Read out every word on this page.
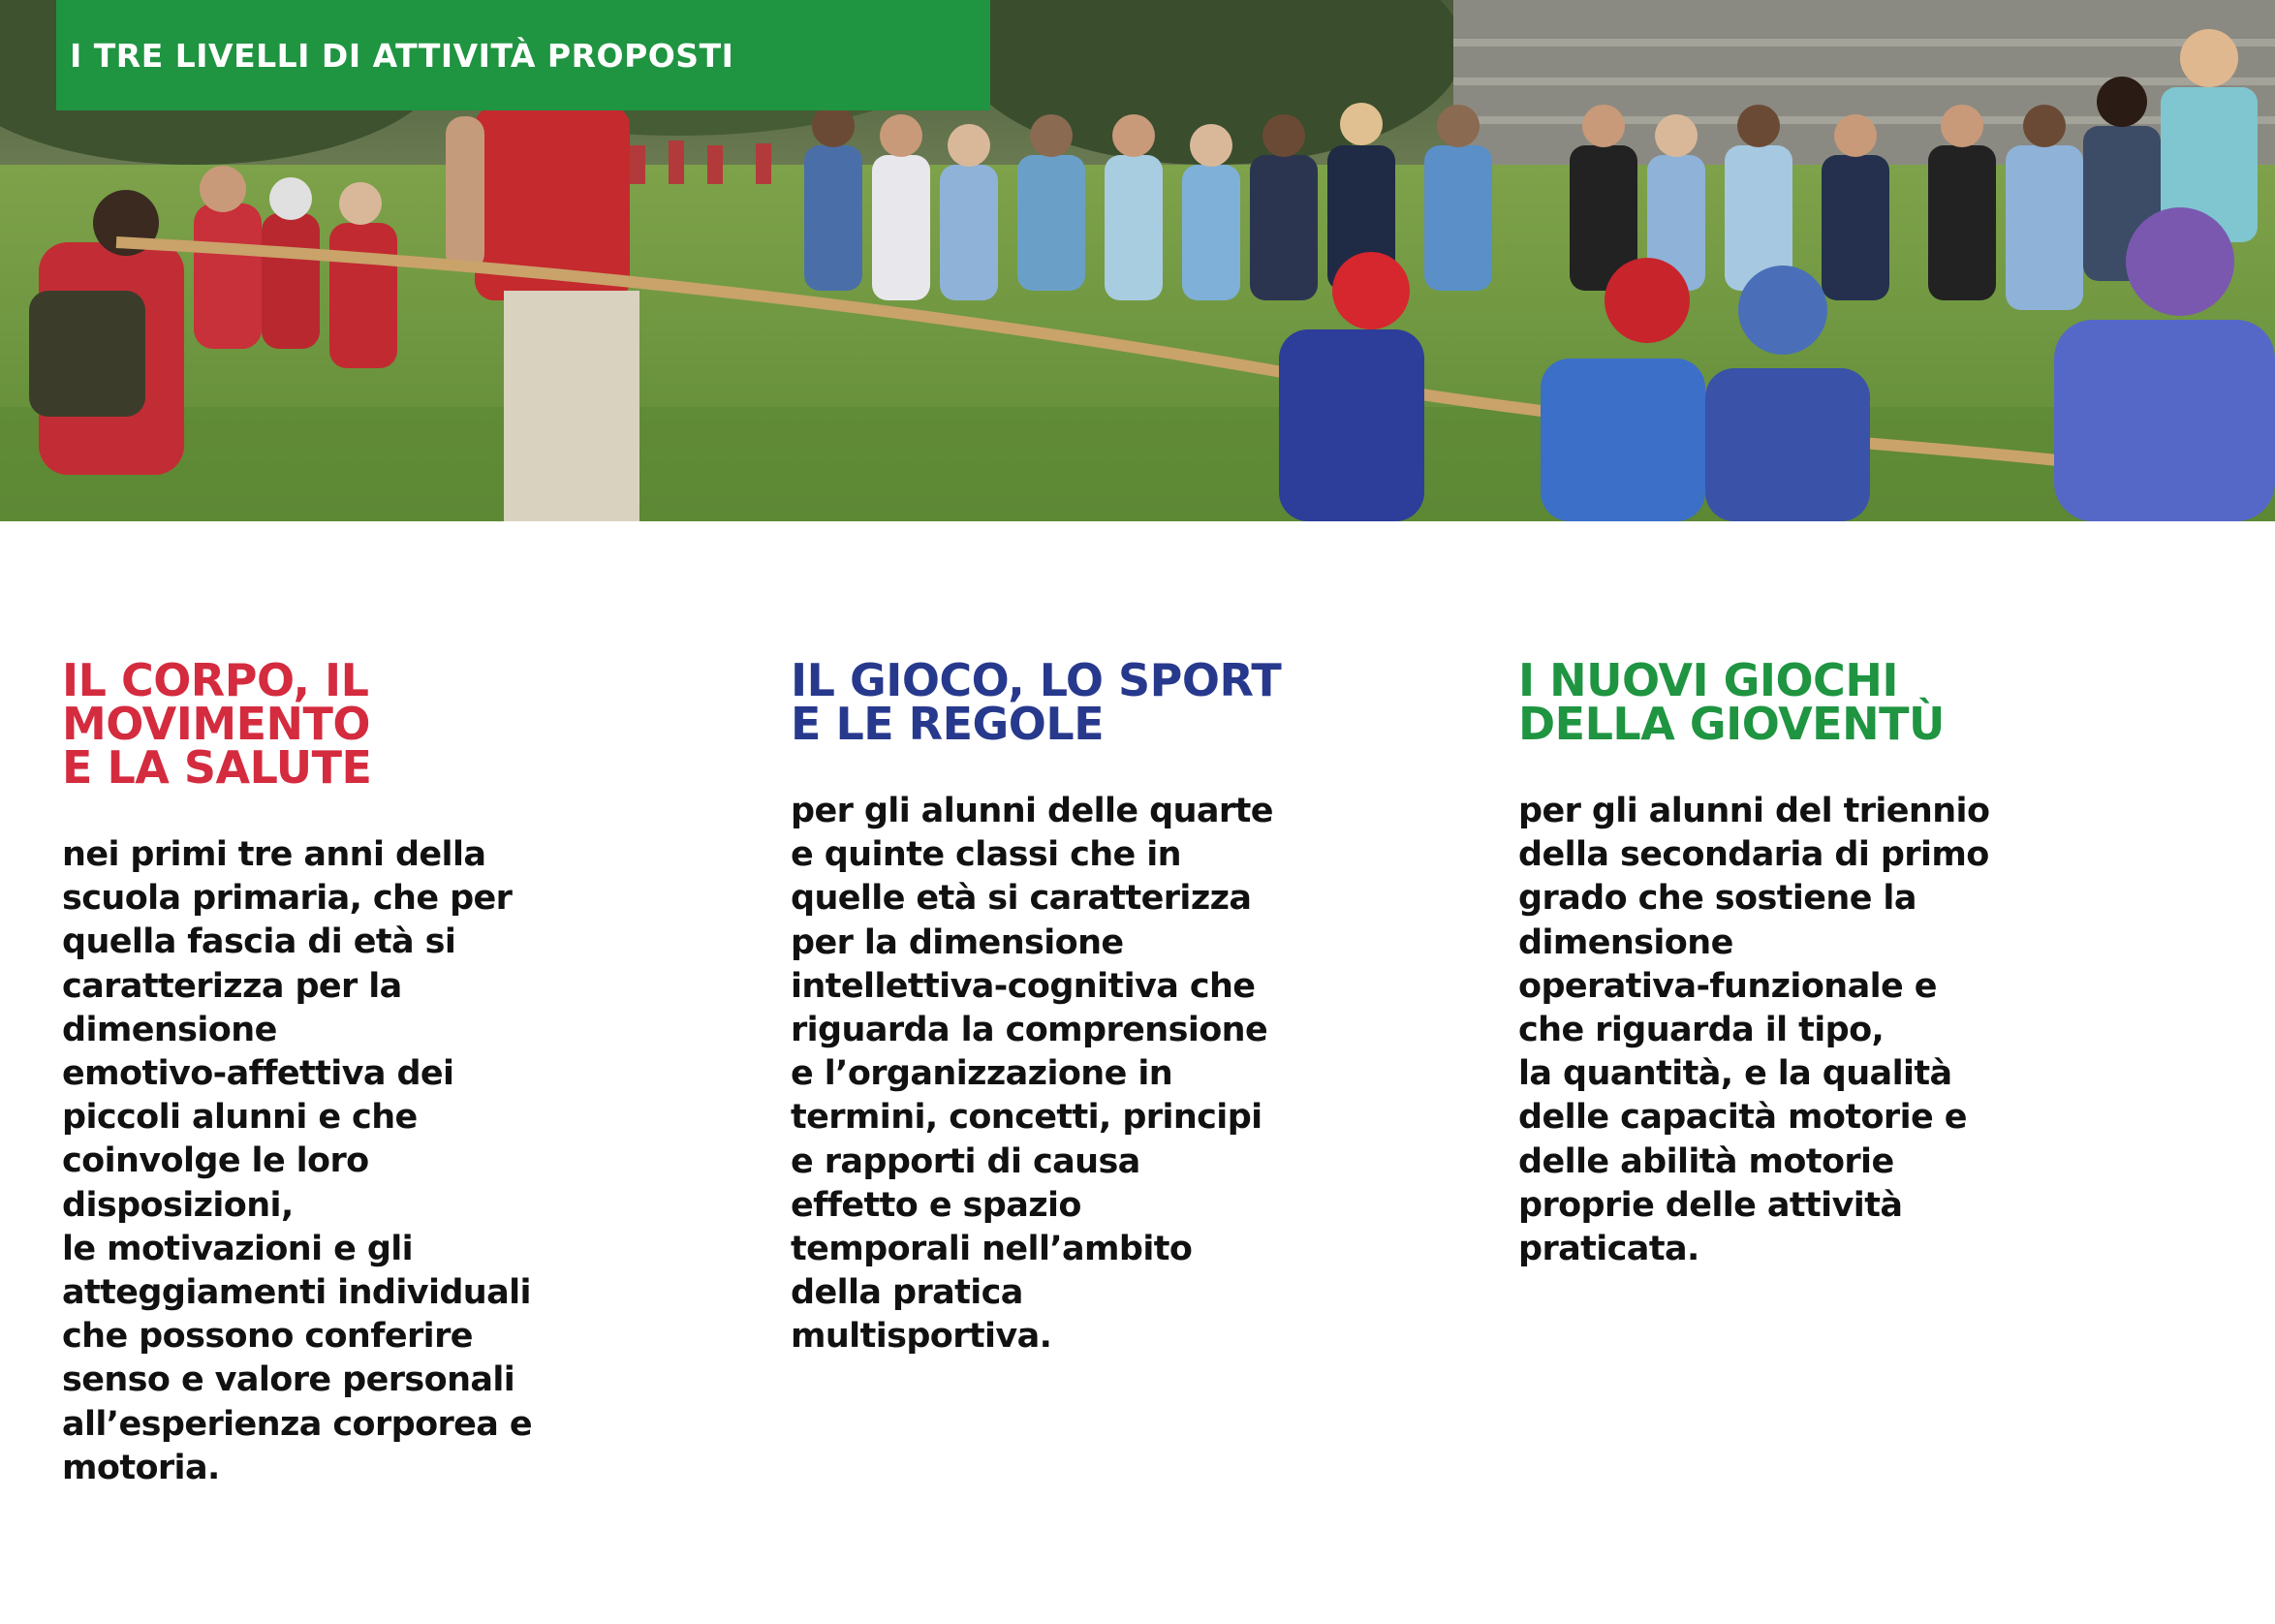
I TRE LIVELLI DI ATTIVITÀ PROPOSTI
IL CORPO, IL
MOVIMENTO
E LA SALUTE

nei primi tre anni della
scuola primaria, che per
quella fascia di età si
caratterizza per la
dimensione
emotivo-affettiva dei
piccoli alunni e che
coinvolge le loro
disposizioni,
le motivazioni e gli
atteggiamenti individuali
che possono conferire
senso e valore personali
all’esperienza corporea e
motoria.

IL GIOCO, LO SPORT
E LE REGOLE

per gli alunni delle quarte
e quinte classi che in
quelle età si caratterizza
per la dimensione
intellettiva-cognitiva che
riguarda la comprensione
e l’organizzazione in
termini, concetti, principi
e rapporti di causa
effetto e spazio
temporali nell’ambito
della pratica
multisportiva.

I NUOVI GIOCHI
DELLA GIOVENTÙ

per gli alunni del triennio
della secondaria di primo
grado che sostiene la
dimensione
operativa-funzionale e
che riguarda il tipo,
la quantità, e la qualità
delle capacità motorie e
delle abilità motorie
proprie delle attività
praticata.
